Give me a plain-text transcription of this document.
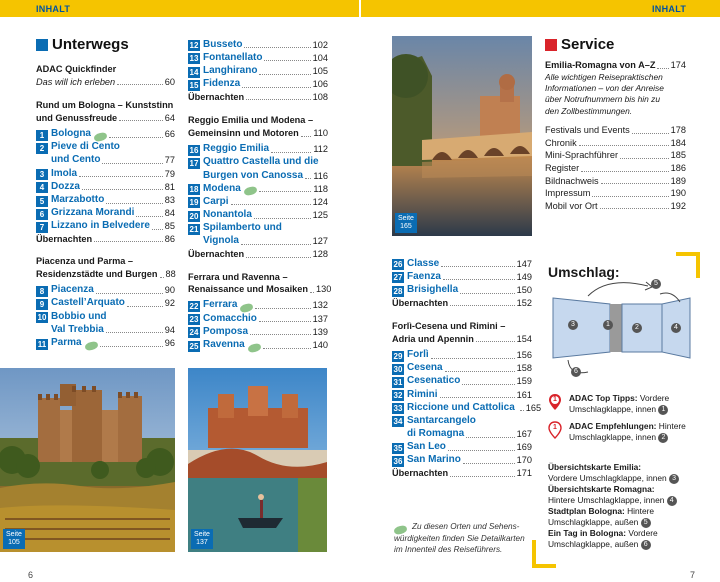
INHALT	INHALT
Unterwegs
ADAC Quickfinder
Das will ich erleben	60
Rund um Bologna – Kunststinn
und Genussfreude	64
1 Bologna	66
2 Pieve di Cento
und Cento	77
3 Imola	79
4 Dozza	81
5 Marzabotto	83
6 Grizzana Morandi	84
7 Lizzano in Belvedere 85
Übernachten	86
Piacenza und Parma –
Residenzstädte und Burgen 88
8 Piacenza	90
9 Castell’Arquato	92
10 Bobbio und
Val Trebbia	94
11 Parma	96
Seite
105
6
12 Busseto	102
13 Fontanellato	104
14 Langhirano	105
15 Fidenza	106
Übernachten	108
Reggio Emilia und Modena –
Gemeinsinn und Motoren 110
16 Reggio Emilia	112
17 Quattro Castella und die
Burgen von Canossa 116
18 Modena	118
19 Carpi	124
20 Nonantola	125
21 Spilamberto und
Vignola	127
Übernachten	128
Ferrara und Ravenna –
Renaissance und Mosaiken 130
22 Ferrara	132
23 Comacchio	137
24 Pomposa	139
25 Ravenna	140
Seite
137
Seite
165
26 Classe	147
27 Faenza	149
28 Brisighella	150
Übernachten	152
Forlì-Cesena und Rimini –
Adria und Apennin	154
29 Forlì	156
30 Cesena	158
31 Cesenatico	159
32 Rimini	161
33 Riccione und Cattolica 165
34 Santarcangelo
di Romagna	167
35 San Leo	169
36 San Marino	170
Übernachten	171
Zu diesen Orten und Sehens-
würdigkeiten finden Sie Detailkarten
im Innenteil des Reiseführers.
Service
Emilia-Romagna von A–Z 174
Alle wichtigen Reisepraktischen
Informationen – von der Anreise
über Notrufnummern bis hin zu
den Zollbestimmungen.
Festivals und Events	178
Chronik	184
Mini-Sprachführer	185
Register	186
Bildnachweis	189
Impressum	190
Mobil vor Ort	192
Umschlag:
5
3	1	2	4
6
1 ADAC Top Tipps: Vordere
Umschlagklappe, innen 1
1 ADAC Empfehlungen: Hintere
Umschlagklappe, innen 2
Übersichtskarte Emilia:
Vordere Umschlagklappe, innen 3
Übersichtskarte Romagna:
Hintere Umschlagklappe, innen 4
Stadtplan Bologna: Hintere
Umschlagklappe, außen 5
Ein Tag in Bologna: Vordere
Umschlagklappe, außen 6
7
